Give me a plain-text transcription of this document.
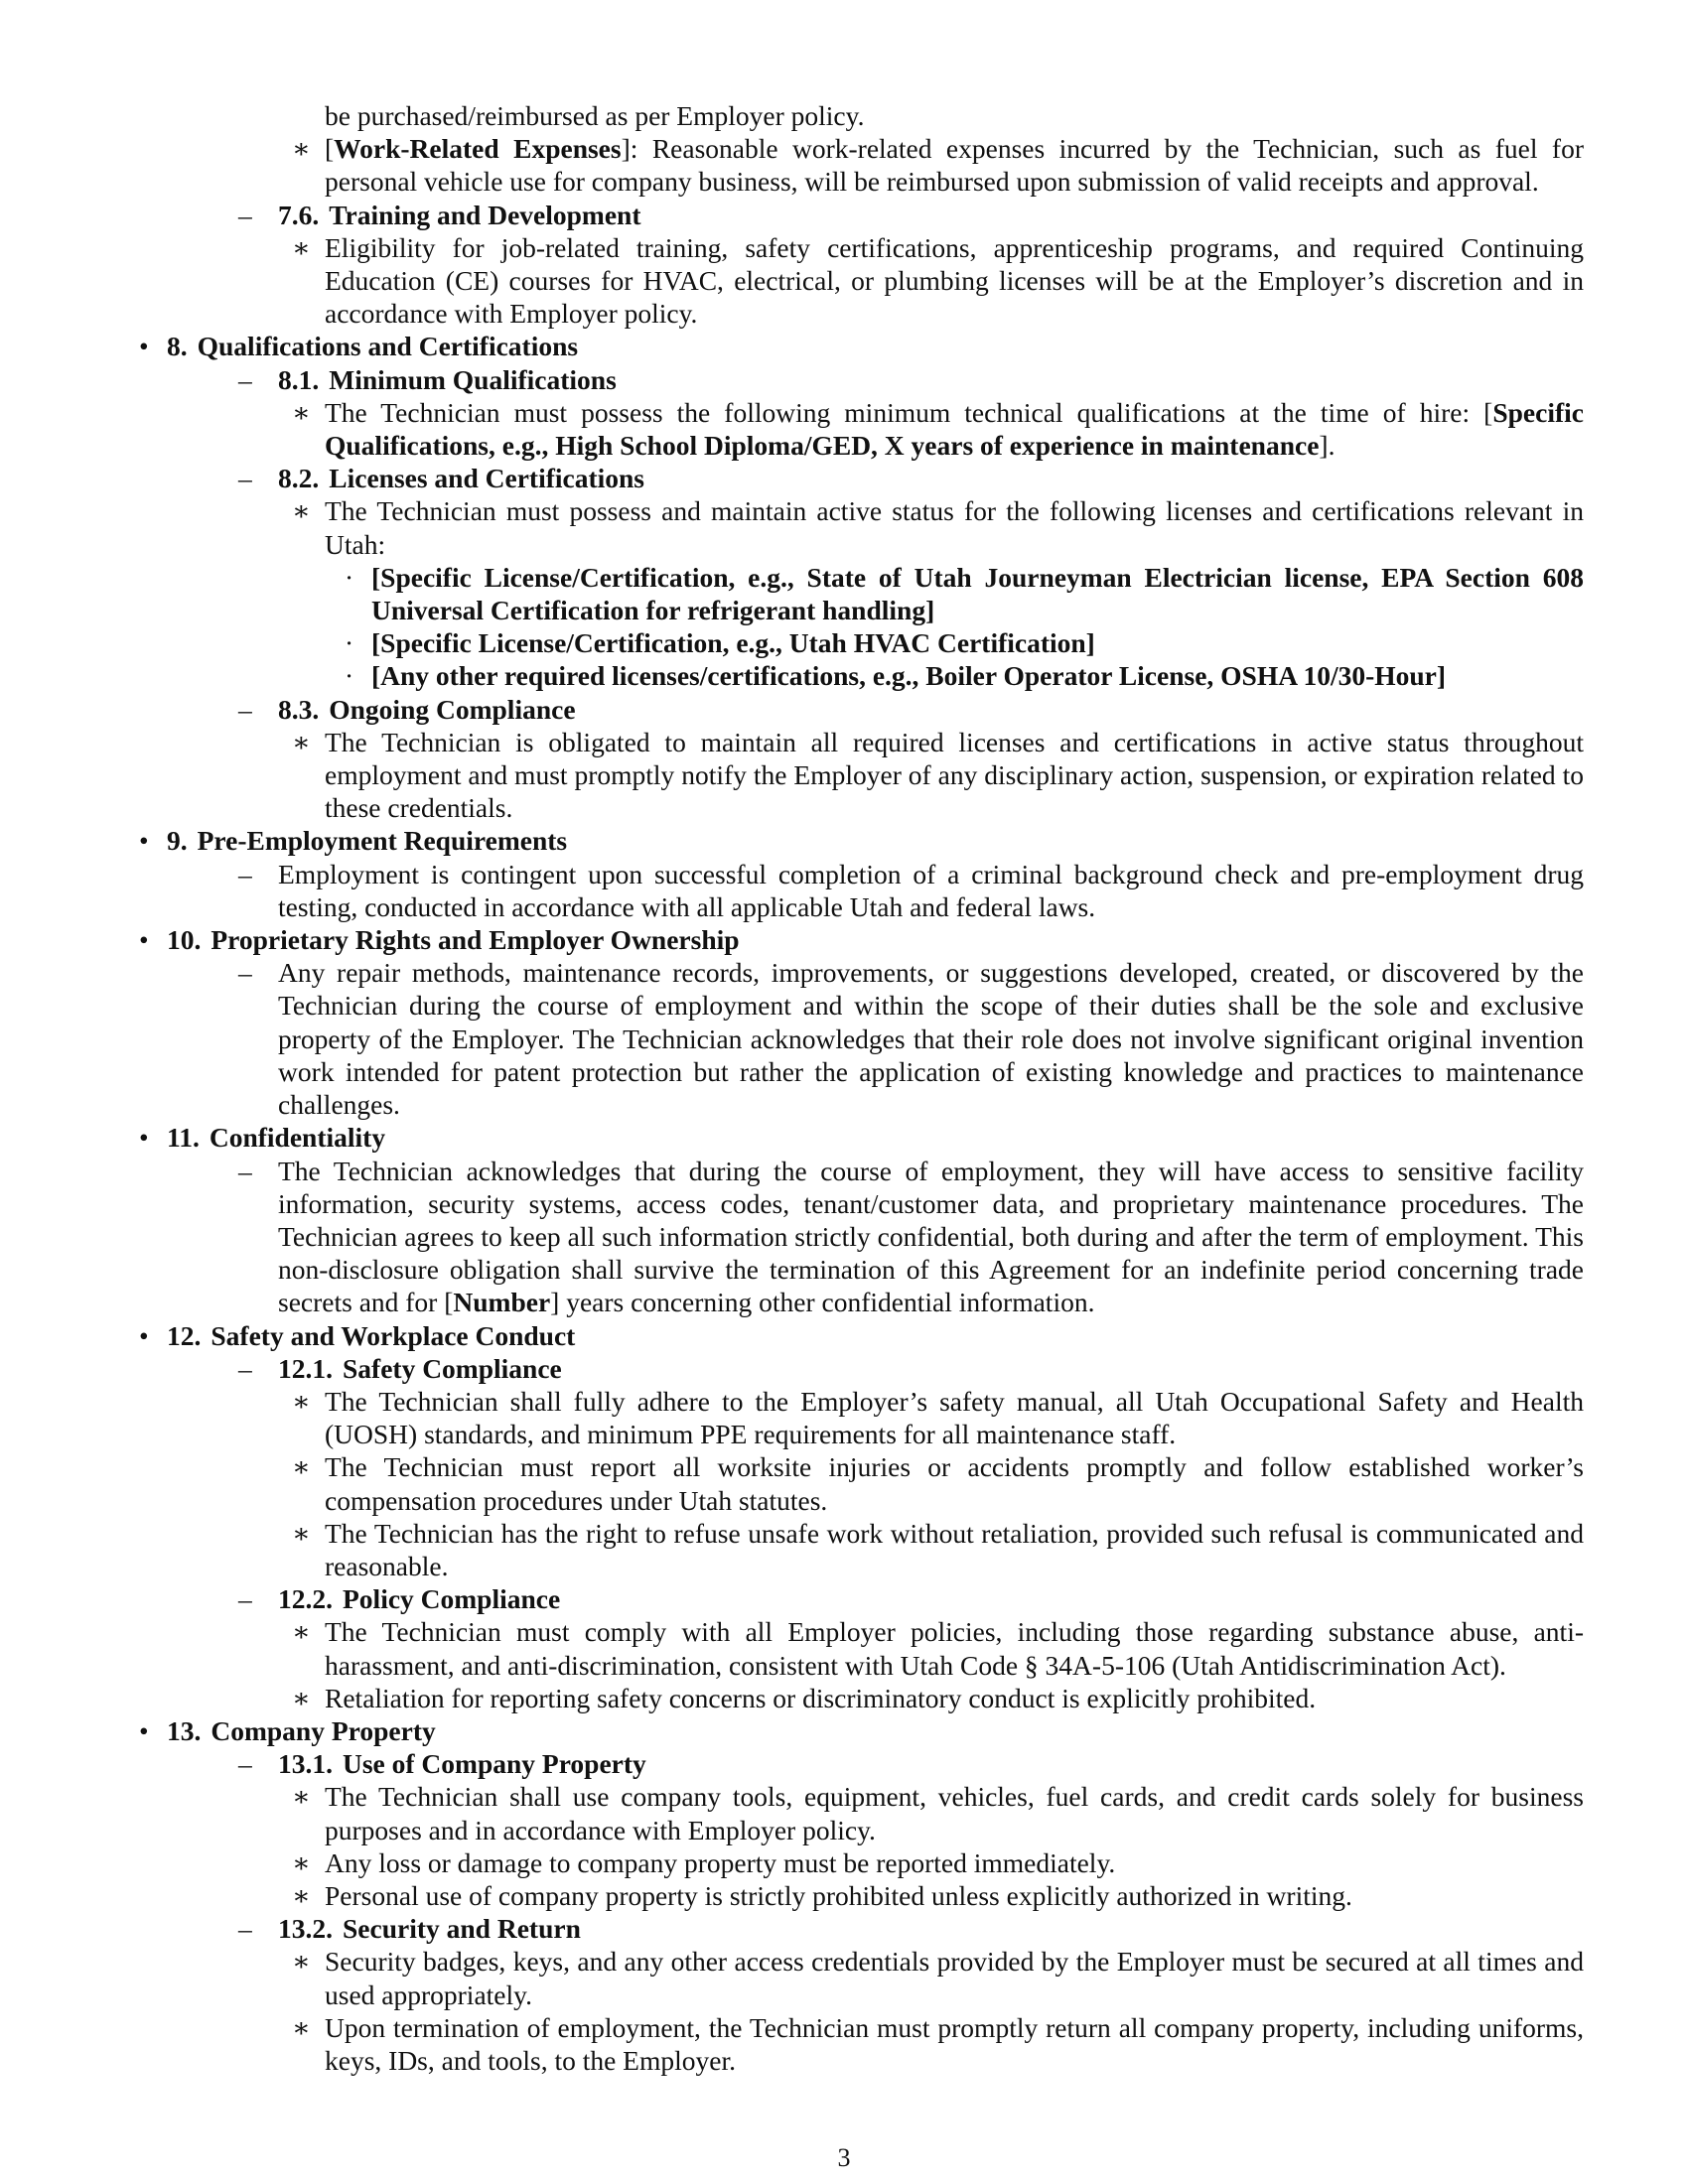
be purchased/reimbursed as per Employer policy.
∗ [Work-Related Expenses]: Reasonable work-related expenses incurred by the Technician, such as fuel for personal vehicle use for company business, will be reimbursed upon submission of valid receipts and approval.
– 7.6. Training and Development
∗ Eligibility for job-related training, safety certifications, apprenticeship programs, and required Continuing Education (CE) courses for HVAC, electrical, or plumbing licenses will be at the Employer’s discretion and in accordance with Employer policy.
• 8. Qualifications and Certifications
– 8.1. Minimum Qualifications
∗ The Technician must possess the following minimum technical qualifications at the time of hire: [Specific Qualifications, e.g., High School Diploma/GED, X years of experience in maintenance].
– 8.2. Licenses and Certifications
∗ The Technician must possess and maintain active status for the following licenses and certifications relevant in Utah:
· [Specific License/Certification, e.g., State of Utah Journeyman Electrician license, EPA Section 608 Universal Certification for refrigerant handling]
· [Specific License/Certification, e.g., Utah HVAC Certification]
· [Any other required licenses/certifications, e.g., Boiler Operator License, OSHA 10/30-Hour]
– 8.3. Ongoing Compliance
∗ The Technician is obligated to maintain all required licenses and certifications in active status throughout employment and must promptly notify the Employer of any disciplinary action, suspension, or expiration related to these credentials.
• 9. Pre-Employment Requirements
– Employment is contingent upon successful completion of a criminal background check and pre-employment drug testing, conducted in accordance with all applicable Utah and federal laws.
• 10. Proprietary Rights and Employer Ownership
– Any repair methods, maintenance records, improvements, or suggestions developed, created, or discovered by the Technician during the course of employment and within the scope of their duties shall be the sole and exclusive property of the Employer. The Technician acknowledges that their role does not involve significant original invention work intended for patent protection but rather the application of existing knowledge and practices to maintenance challenges.
• 11. Confidentiality
– The Technician acknowledges that during the course of employment, they will have access to sensitive facility information, security systems, access codes, tenant/customer data, and proprietary maintenance procedures. The Technician agrees to keep all such information strictly confidential, both during and after the term of employment. This non-disclosure obligation shall survive the termination of this Agreement for an indefinite period concerning trade secrets and for [Number] years concerning other confidential information.
• 12. Safety and Workplace Conduct
– 12.1. Safety Compliance
∗ The Technician shall fully adhere to the Employer’s safety manual, all Utah Occupational Safety and Health (UOSH) standards, and minimum PPE requirements for all maintenance staff.
∗ The Technician must report all worksite injuries or accidents promptly and follow established worker’s compensation procedures under Utah statutes.
∗ The Technician has the right to refuse unsafe work without retaliation, provided such refusal is communicated and reasonable.
– 12.2. Policy Compliance
∗ The Technician must comply with all Employer policies, including those regarding substance abuse, anti-harassment, and anti-discrimination, consistent with Utah Code § 34A-5-106 (Utah Antidiscrimination Act).
∗ Retaliation for reporting safety concerns or discriminatory conduct is explicitly prohibited.
• 13. Company Property
– 13.1. Use of Company Property
∗ The Technician shall use company tools, equipment, vehicles, fuel cards, and credit cards solely for business purposes and in accordance with Employer policy.
∗ Any loss or damage to company property must be reported immediately.
∗ Personal use of company property is strictly prohibited unless explicitly authorized in writing.
– 13.2. Security and Return
∗ Security badges, keys, and any other access credentials provided by the Employer must be secured at all times and used appropriately.
∗ Upon termination of employment, the Technician must promptly return all company property, including uniforms, keys, IDs, and tools, to the Employer.
3
